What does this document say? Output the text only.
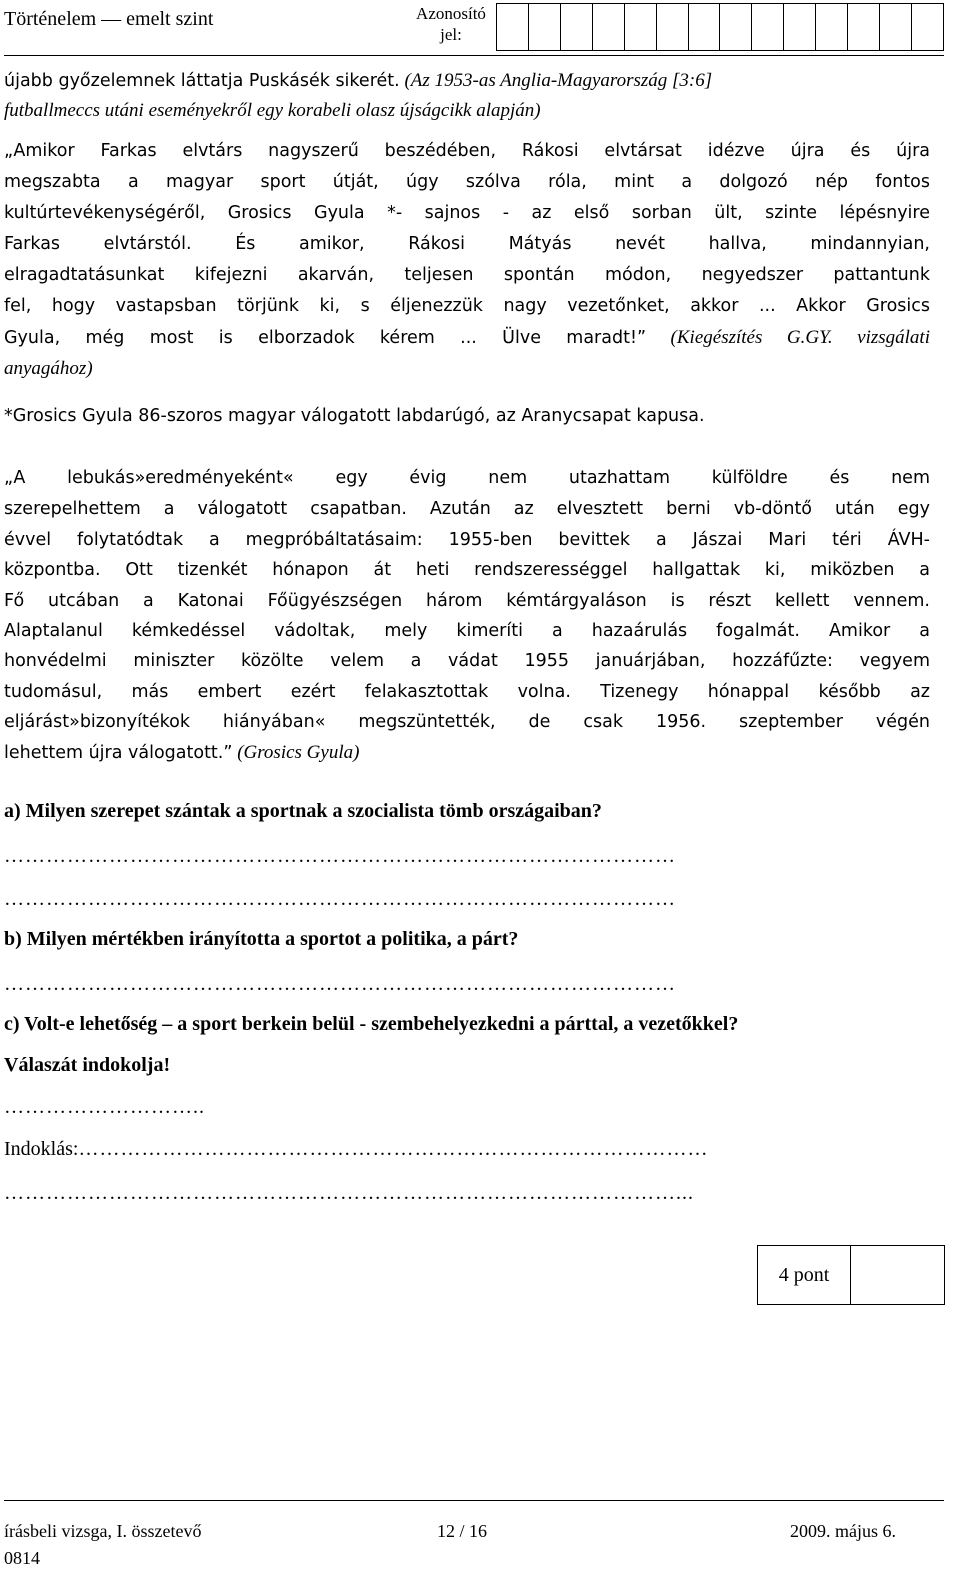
Történelem — emelt szint	Azonosító
jel:
újabb győzelemnek láttatja Puskásék sikerét. (Az 1953-as Anglia-Magyarország [3:6]
futballmeccs utáni eseményekről egy korabeli olasz újságcikk alapján)
„Amikor Farkas elvtárs nagyszerű beszédében, Rákosi elvtársat idézve újra és újra
megszabta a magyar sport útját, úgy szólva róla, mint a dolgozó nép fontos
kultúrtevékenységéről, Grosics Gyula *- sajnos - az első sorban ült, szinte lépésnyire
Farkas elvtárstól. És amikor, Rákosi Mátyás nevét hallva, mindannyian,
elragadtatásunkat kifejezni akarván, teljesen spontán módon, negyedszer pattantunk
fel, hogy vastapsban törjünk ki, s éljenezzük nagy vezetőnket, akkor ... Akkor Grosics
Gyula, még most is elborzadok kérem ... Ülve maradt!” (Kiegészítés G.GY. vizsgálati
anyagához)
*Grosics Gyula 86-szoros magyar válogatott labdarúgó, az Aranycsapat kapusa.
„A lebukás»eredményeként« egy évig nem utazhattam külföldre és nem
szerepelhettem a válogatott csapatban. Azután az elvesztett berni vb-döntő után egy
évvel folytatódtak a megpróbáltatásaim: 1955-ben bevittek a Jászai Mari téri ÁVH-
központba. Ott tizenkét hónapon át heti rendszerességgel hallgattak ki, miközben a
Fő utcában a Katonai Főügyészségen három kémtárgyaláson is részt kellett vennem.
Alaptalanul kémkedéssel vádoltak, mely kimeríti a hazaárulás fogalmát. Amikor a
honvédelmi miniszter közölte velem a vádat 1955 januárjában, hozzáfűzte: vegyem
tudomásul, más embert ezért felakasztottak volna. Tizenegy hónappal később az
eljárást»bizonyítékok hiányában« megszüntették, de csak 1956. szeptember végén
lehettem újra válogatott.” (Grosics Gyula)
a) Milyen szerepet szántak a sportnak a szocialista tömb országaiban?
……………………………………………………………………………………
……………………………………………………………………………………
b) Milyen mértékben irányította a sportot a politika, a párt?
……………………………………………………………………………………
c) Volt-e lehetőség – a sport berkein belül - szembehelyezkedni a párttal, a vezetőkkel?
Válaszát indokolja!
………………………..
Indoklás:………………………………………………………………………………
……………………………………………………………………………………...
4 pont
írásbeli vizsga, I. összetevő
0814
12 / 16	2009. május 6.
